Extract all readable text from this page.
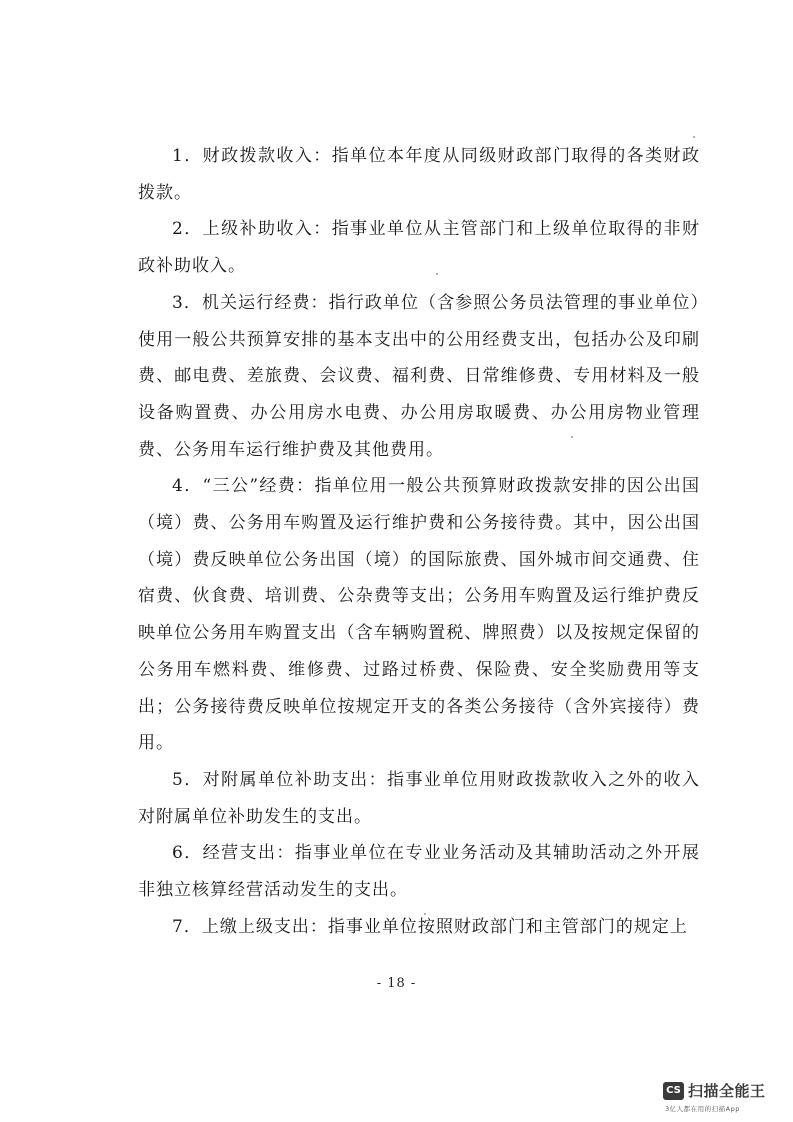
1．财政拨款收入：指单位本年度从同级财政部门取得的各类财政拨款。

2．上级补助收入：指事业单位从主管部门和上级单位取得的非财政补助收入。

3．机关运行经费：指行政单位（含参照公务员法管理的事业单位）使用一般公共预算安排的基本支出中的公用经费支出，包括办公及印刷费、邮电费、差旅费、会议费、福利费、日常维修费、专用材料及一般设备购置费、办公用房水电费、办公用房取暖费、办公用房物业管理费、公务用车运行维护费及其他费用。

4．“三公”经费：指单位用一般公共预算财政拨款安排的因公出国（境）费、公务用车购置及运行维护费和公务接待费。其中，因公出国（境）费反映单位公务出国（境）的国际旅费、国外城市间交通费、住宿费、伙食费、培训费、公杂费等支出；公务用车购置及运行维护费反映单位公务用车购置支出（含车辆购置税、牌照费）以及按规定保留的公务用车燃料费、维修费、过路过桥费、保险费、安全奖励费用等支出；公务接待费反映单位按规定开支的各类公务接待（含外宾接待）费用。

5．对附属单位补助支出：指事业单位用财政拨款收入之外的收入对附属单位补助发生的支出。

6．经营支出：指事业单位在专业业务活动及其辅助活动之外开展非独立核算经营活动发生的支出。

7．上缴上级支出：指事业单位按照财政部门和主管部门的规定上

- 18 -
CS 扫描全能王
3亿人都在用的扫描App
